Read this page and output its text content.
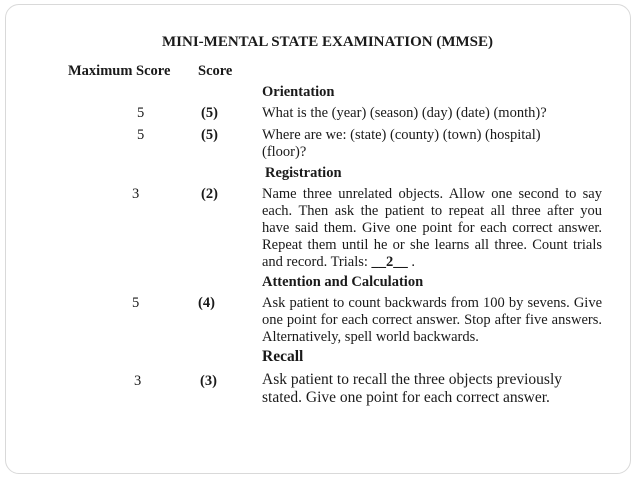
MINI-MENTAL STATE EXAMINATION (MMSE)
Maximum Score Score
Orientation
5	(5)	What is the (year) (season) (day) (date) (month)?
5	(5)	Where are we: (state) (county) (town) (hospital) (floor)?
Registration
3	(2)	Name three unrelated objects. Allow one second to say each. Then ask the patient to repeat all three after you have said them. Give one point for each correct answer. Repeat them until he or she learns all three. Count trials and record. Trials: __2__ .
Attention and Calculation
5	(4)	Ask patient to count backwards from 100 by sevens. Give one point for each correct answer. Stop after five answers. Alternatively, spell world backwards.
Recall
3	(3)	Ask patient to recall the three objects previously stated. Give one point for each correct answer.
